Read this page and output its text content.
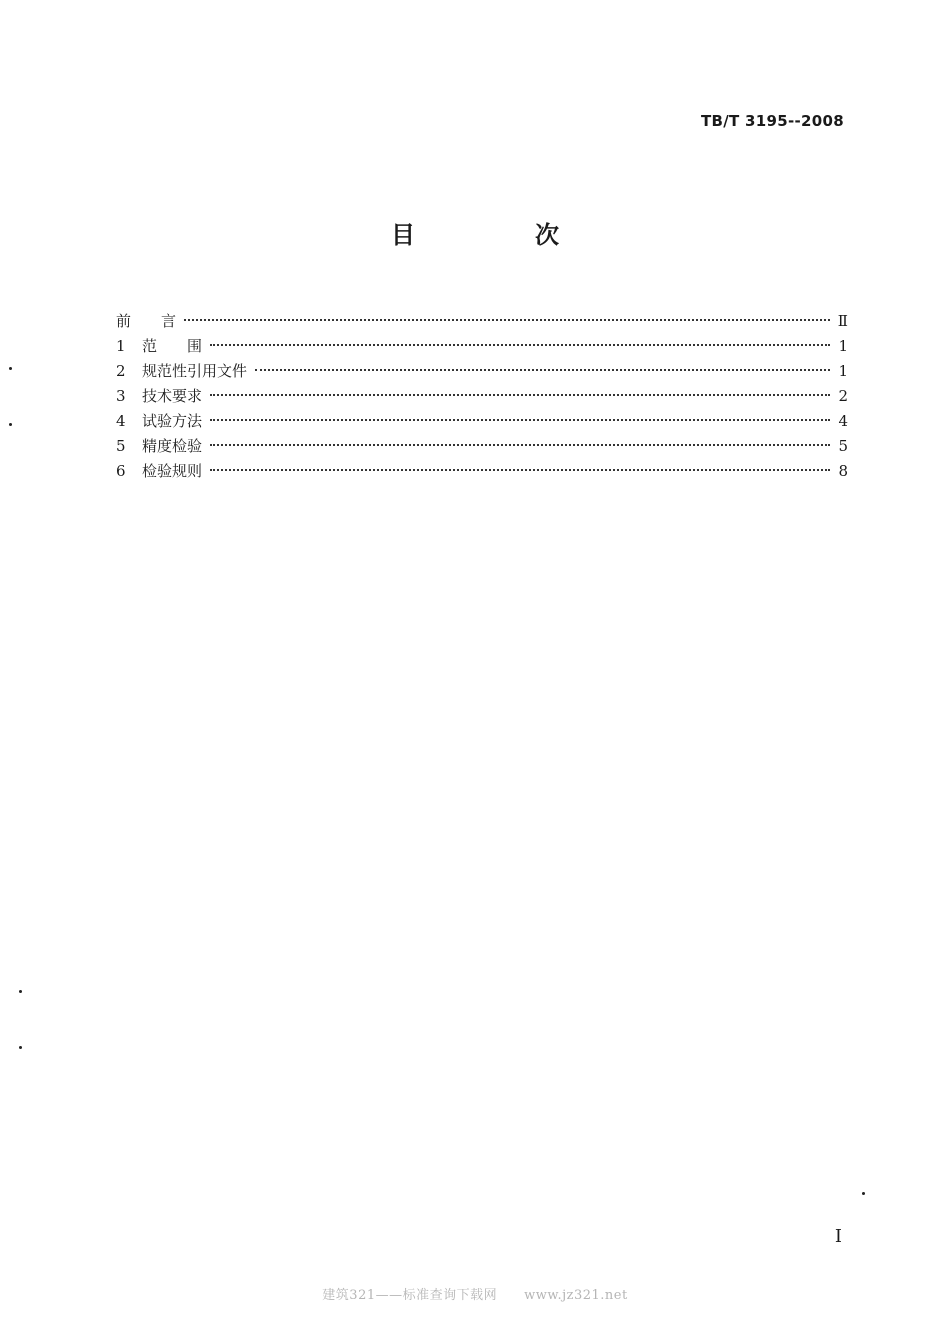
TB/T 3195--2008
目　次
前　　言	Ⅱ
1	范　　围	1
2	规范性引用文件	1
3	技术要求	2
4	试验方法	4
5	精度检验	5
6	检验规则	8
I
建筑321——标准查询下载网　　www.jz321.net
